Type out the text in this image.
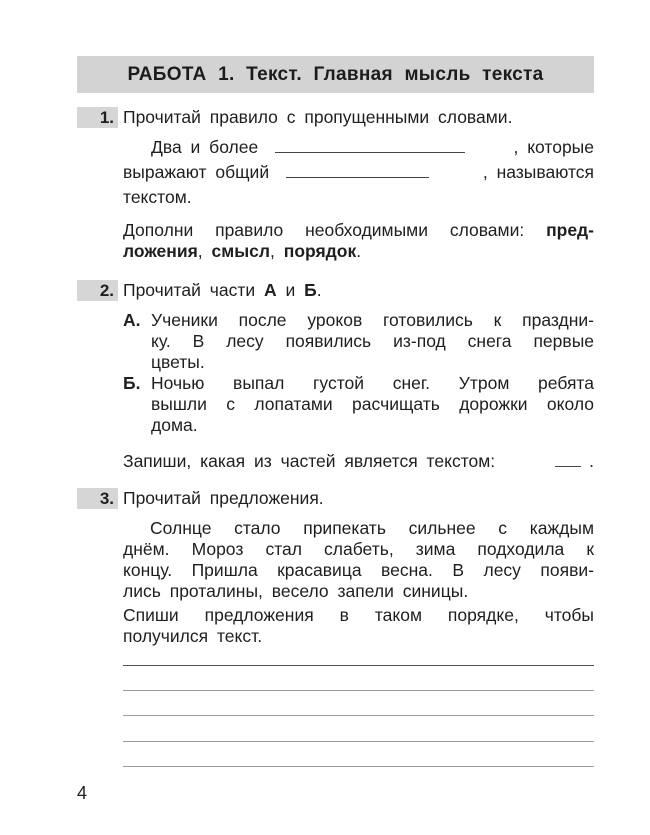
РАБОТА 1. Текст. Главная мысль текста
1. Прочитай правило с пропущенными словами.
Два и более	, которые
выражают общий	, называются
текстом.
Дополни правило необходимыми словами: пред-
ложения, смысл, порядок.
2. Прочитай части А и Б.
А. Ученики после уроков готовились к праздни-
ку. В лесу появились из-под снега первые
цветы.
Б. Ночью выпал густой снег. Утром ребята
вышли с лопатами расчищать дорожки около
дома.
Запиши, какая из частей является текстом:	.
3. Прочитай предложения.
Солнце стало припекать сильнее с каждым
днём. Мороз стал слабеть, зима подходила к
концу. Пришла красавица весна. В лесу появи-
лись проталины, весело запели синицы.
Спиши предложения в таком порядке, чтобы
получился текст.
4
